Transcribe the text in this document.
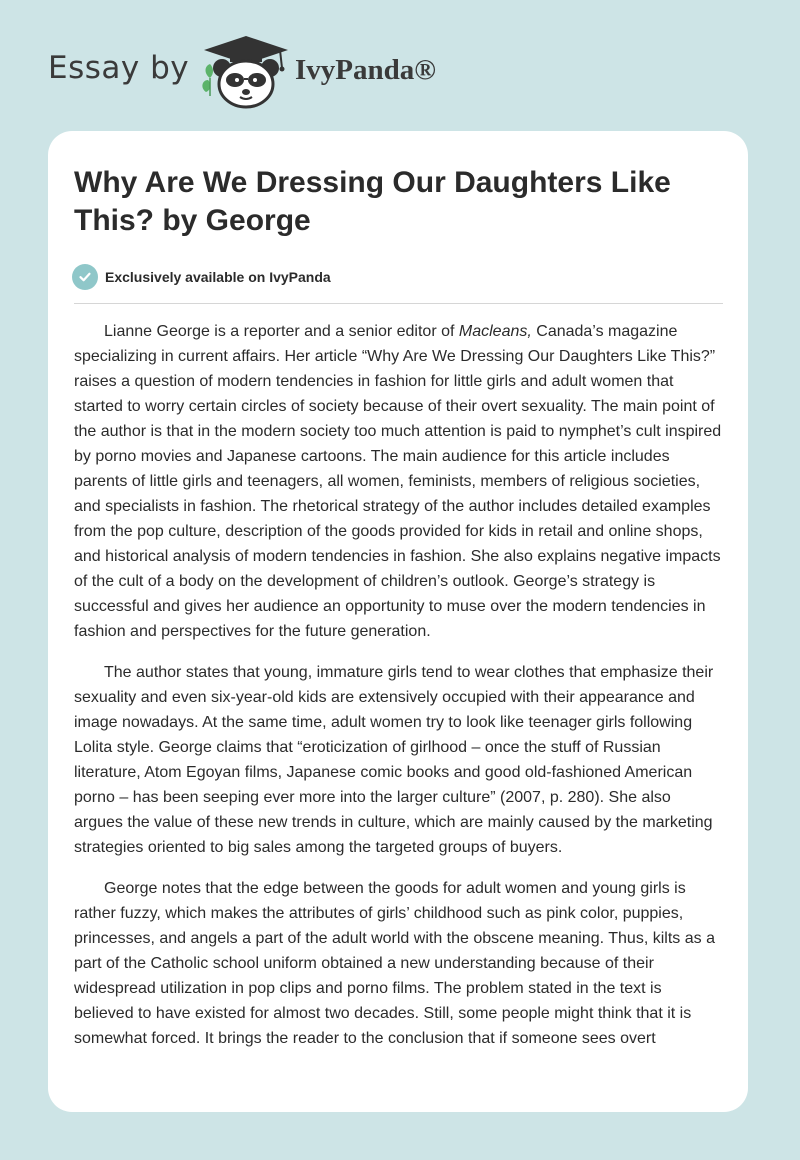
Essay by	IvyPanda®
Why Are We Dressing Our Daughters Like This? by George
Exclusively available on IvyPanda

Lianne George is a reporter and a senior editor of Macleans, Canada’s magazine specializing in current affairs. Her article “Why Are We Dressing Our Daughters Like This?” raises a question of modern tendencies in fashion for little girls and adult women that started to worry certain circles of society because of their overt sexuality. The main point of the author is that in the modern society too much attention is paid to nymphet’s cult inspired by porno movies and Japanese cartoons. The main audience for this article includes parents of little girls and teenagers, all women, feminists, members of religious societies, and specialists in fashion. The rhetorical strategy of the author includes detailed examples from the pop culture, description of the goods provided for kids in retail and online shops, and historical analysis of modern tendencies in fashion. She also explains negative impacts of the cult of a body on the development of children’s outlook. George’s strategy is successful and gives her audience an opportunity to muse over the modern tendencies in fashion and perspectives for the future generation.

The author states that young, immature girls tend to wear clothes that emphasize their sexuality and even six-year-old kids are extensively occupied with their appearance and image nowadays. At the same time, adult women try to look like teenager girls following Lolita style. George claims that “eroticization of girlhood – once the stuff of Russian literature, Atom Egoyan films, Japanese comic books and good old-fashioned American porno – has been seeping ever more into the larger culture” (2007, p. 280). She also argues the value of these new trends in culture, which are mainly caused by the marketing strategies oriented to big sales among the targeted groups of buyers.

George notes that the edge between the goods for adult women and young girls is rather fuzzy, which makes the attributes of girls’ childhood such as pink color, puppies, princesses, and angels a part of the adult world with the obscene meaning. Thus, kilts as a part of the Catholic school uniform obtained a new understanding because of their widespread utilization in pop clips and porno films. The problem stated in the text is believed to have existed for almost two decades. Still, some people might think that it is somewhat forced. It brings the reader to the conclusion that if someone sees overt
